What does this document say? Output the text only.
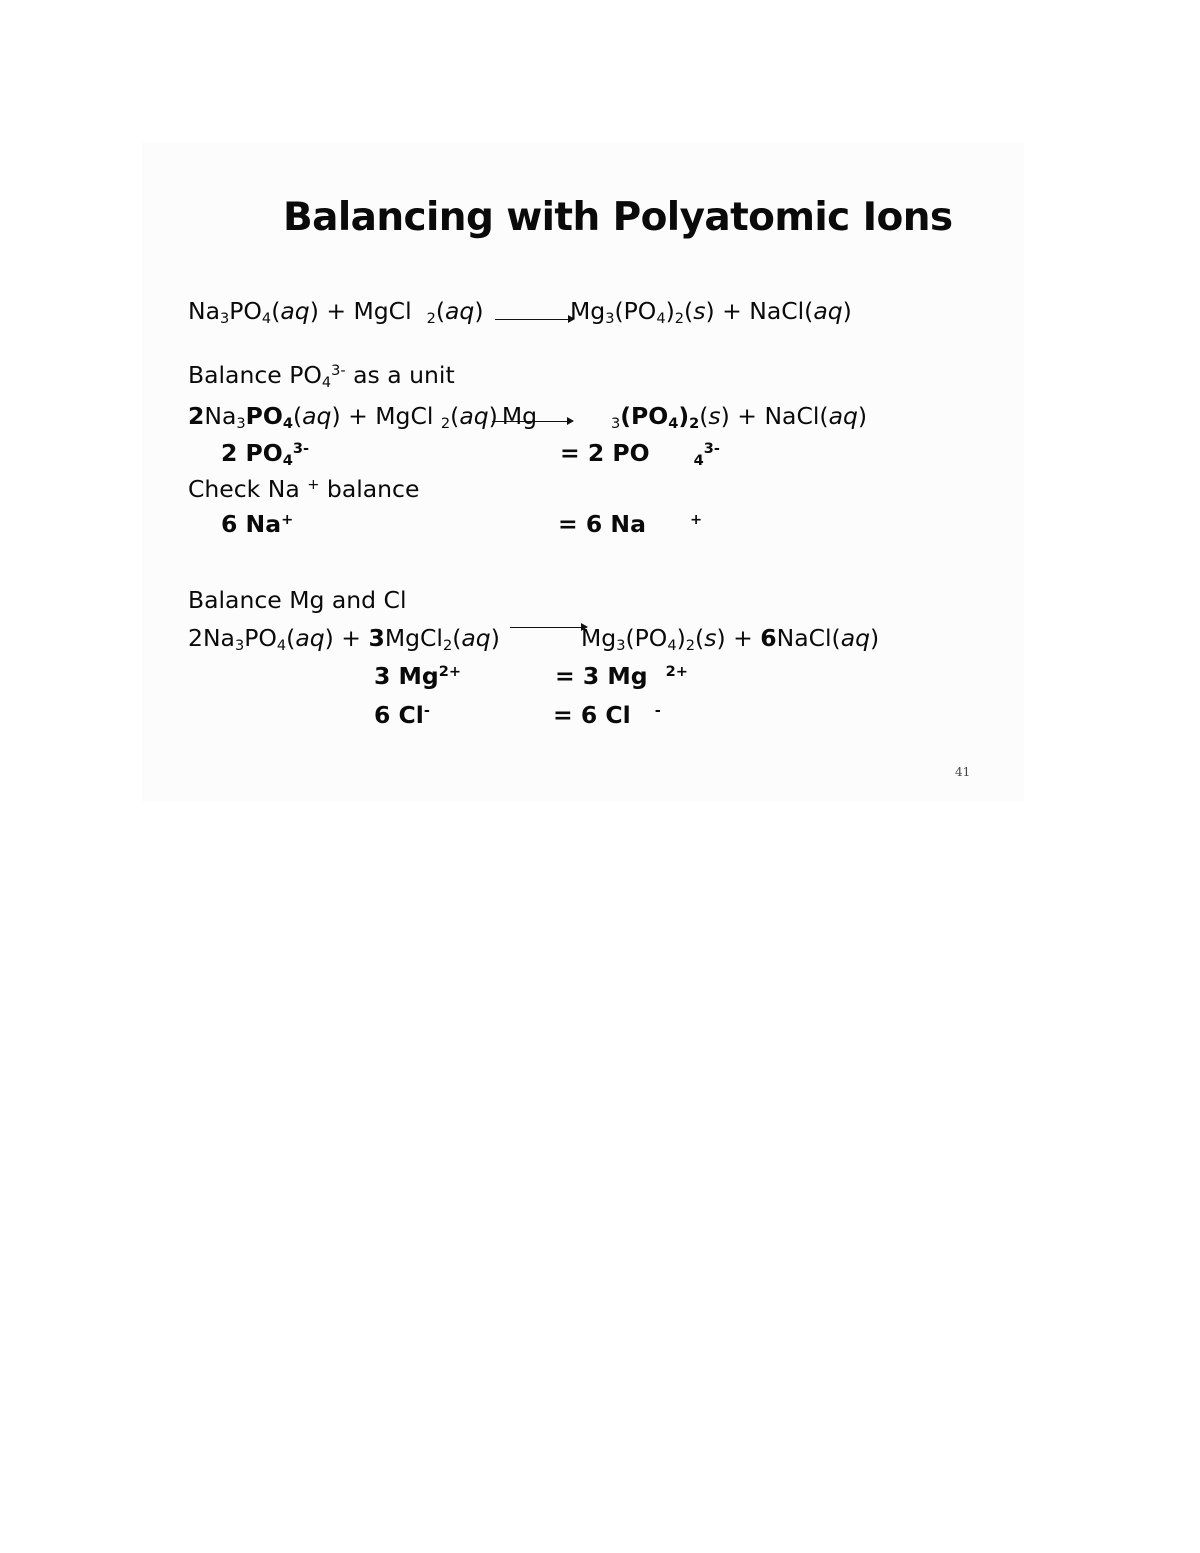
Balancing with Polyatomic Ions
$Na_3PO_4(aq)$ + MgCl $_2$(aq)	$Mg_3(PO_4)_2(s)$ + NaCl(aq)
Balance $PO_4^{3-}$ as a unit
$2Na_3PO_4(aq)$ + MgCl $_2$(aq) Mg	$_3(PO_4)_2(s)$ + NaCl(aq)
2 $PO_4^{3-}$	= 2 PO	$_4^{3-}$
Check Na + balance
6 Na+	= 6 Na	+
Balance Mg and Cl
$2Na_3PO_4(aq)$ + 3MgCl$_2$(aq)	$Mg_3(PO_4)_2(s)$ + 6NaCl(aq)
3 $Mg^{2+}$	= 3 Mg $^{2+}$
6 Cl-	= 6 Cl -
41
